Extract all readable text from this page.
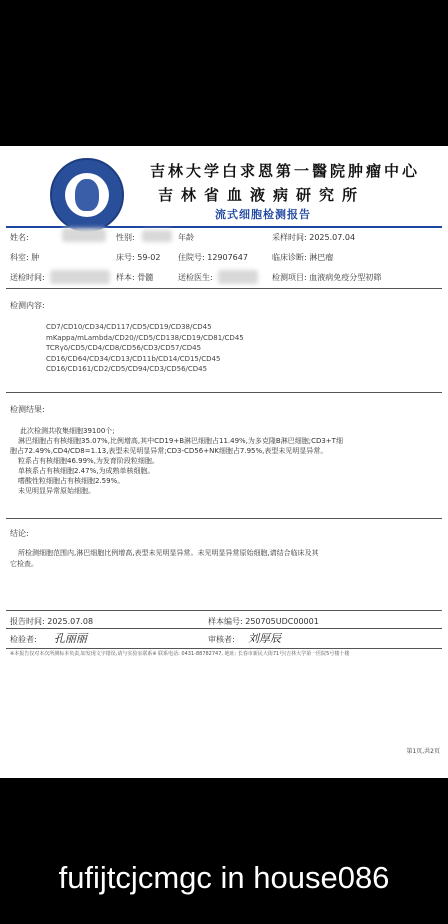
吉林大学白求恩第一醫院肿瘤中心
吉林省血液病研究所
流式细胞检测报告
姓名:	性别:	年龄	采样时间: 2025.07.04
科室: 肿	床号: 59-02 住院号: 12907647	临床诊断: 淋巴瘤
送检时间:	样本: 骨髓	送检医生:	检测项目: 血液病免疫分型初筛
检测内容:
CD7/CD10/CD34/CD117/CD5/CD19/CD38/CD45
mKappa/mLambda/CD20//CD5/CD138/CD19/CD81/CD45
TCRγδ/CD5/CD4/CD8/CD56/CD3/CD57/CD45
CD16/CD64/CD34/CD13/CD11b/CD14/CD15/CD45
CD16/CD161/CD2/CD5/CD94/CD3/CD56/CD45
检测结果:
此次检测共收集细胞39100个;
淋巴细胞占有核细胞35.07%,比例增高,其中CD19+B淋巴细胞占11.49%,为多克隆B淋巴细胞;CD3+T细
胞占72.49%,CD4/CD8=1.13,表型未见明显异常;CD3-CD56+NK细胞占7.95%,表型未见明显异常。
粒系占有核细胞46.99%,为发育阶段粒细胞。
单核系占有核细胞2.47%,为成熟单核细胞。
嗜酸性粒细胞占有核细胞2.59%。
未见明显异常原始细胞。
结论:
所检测细胞范围内,淋巴细胞比例增高,表型未见明显异常。未见明显异常原始细胞,请结合临床及其
它检查。
报告时间: 2025.07.08	样本编号: 250705UDC00001
检验者: 孔丽丽	审核者: 刘厚辰
※本报告仅对本次所测标本负责,如发现文字错误,请与实验室联系※ 联系电话: 0431-88782747, 地址: 长春市新民大街71号(吉林大学第一医院5号楼十楼
第1页,共2页
fufijtcjcmgc in house086
